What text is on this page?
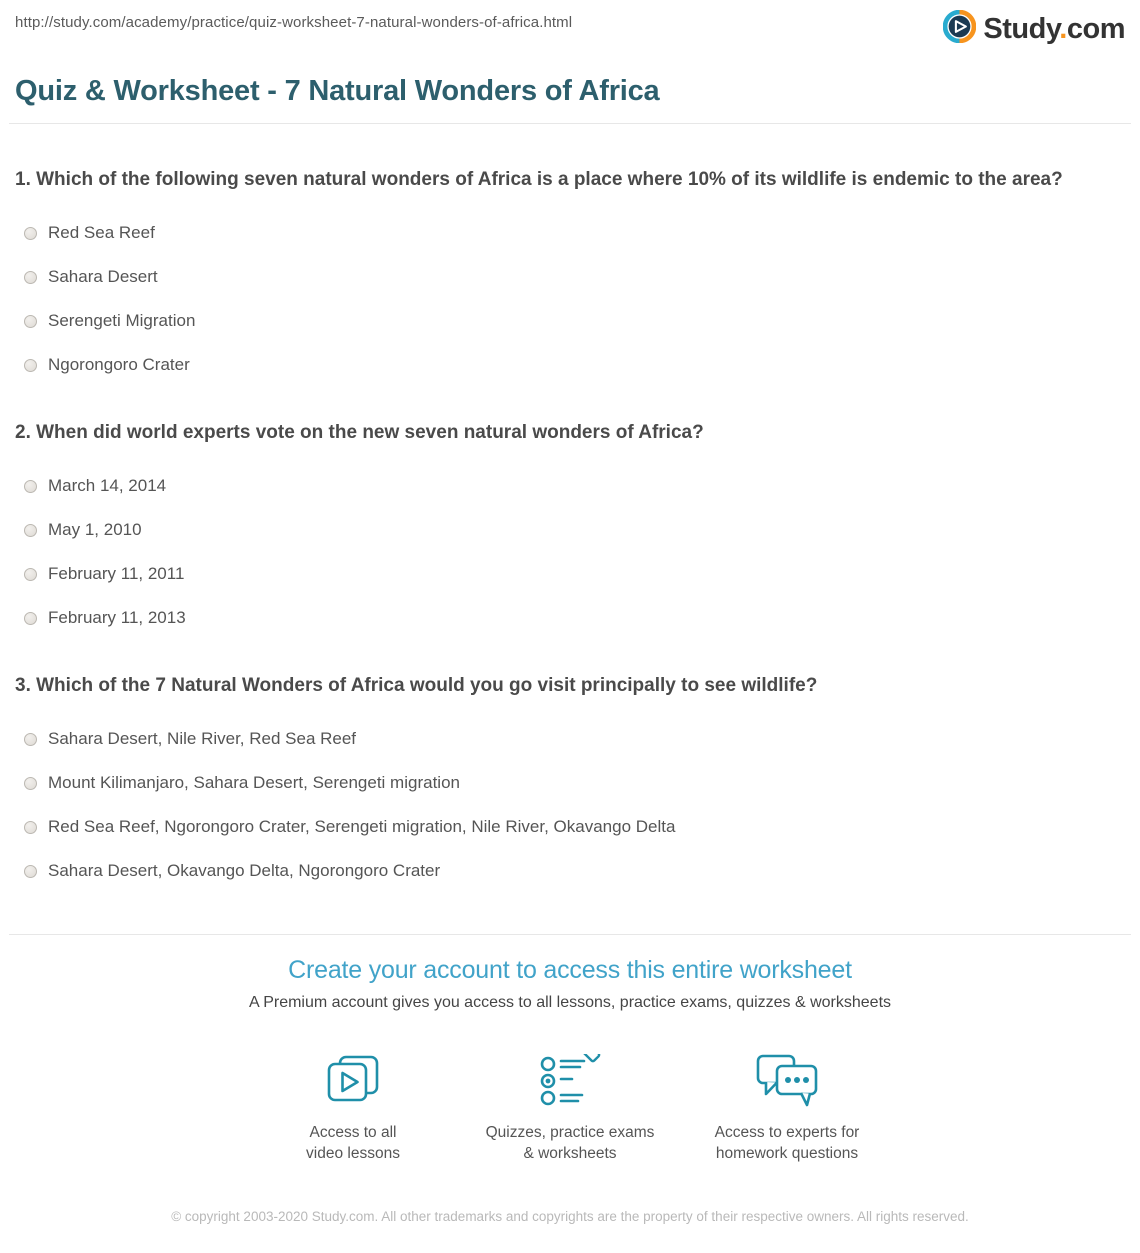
http://study.com/academy/practice/quiz-worksheet-7-natural-wonders-of-africa.html	Study.com
Quiz & Worksheet - 7 Natural Wonders of Africa
1. Which of the following seven natural wonders of Africa is a place where 10% of its wildlife is endemic to the area?
Red Sea Reef
Sahara Desert
Serengeti Migration
Ngorongoro Crater
2. When did world experts vote on the new seven natural wonders of Africa?
March 14, 2014
May 1, 2010
February 11, 2011
February 11, 2013
3. Which of the 7 Natural Wonders of Africa would you go visit principally to see wildlife?
Sahara Desert, Nile River, Red Sea Reef
Mount Kilimanjaro, Sahara Desert, Serengeti migration
Red Sea Reef, Ngorongoro Crater, Serengeti migration, Nile River, Okavango Delta
Sahara Desert, Okavango Delta, Ngorongoro Crater
Create your account to access this entire worksheet
A Premium account gives you access to all lessons, practice exams, quizzes & worksheets
Access to all
video lessons
Quizzes, practice exams
& worksheets
Access to experts for
homework questions
© copyright 2003-2020 Study.com. All other trademarks and copyrights are the property of their respective owners. All rights reserved.
